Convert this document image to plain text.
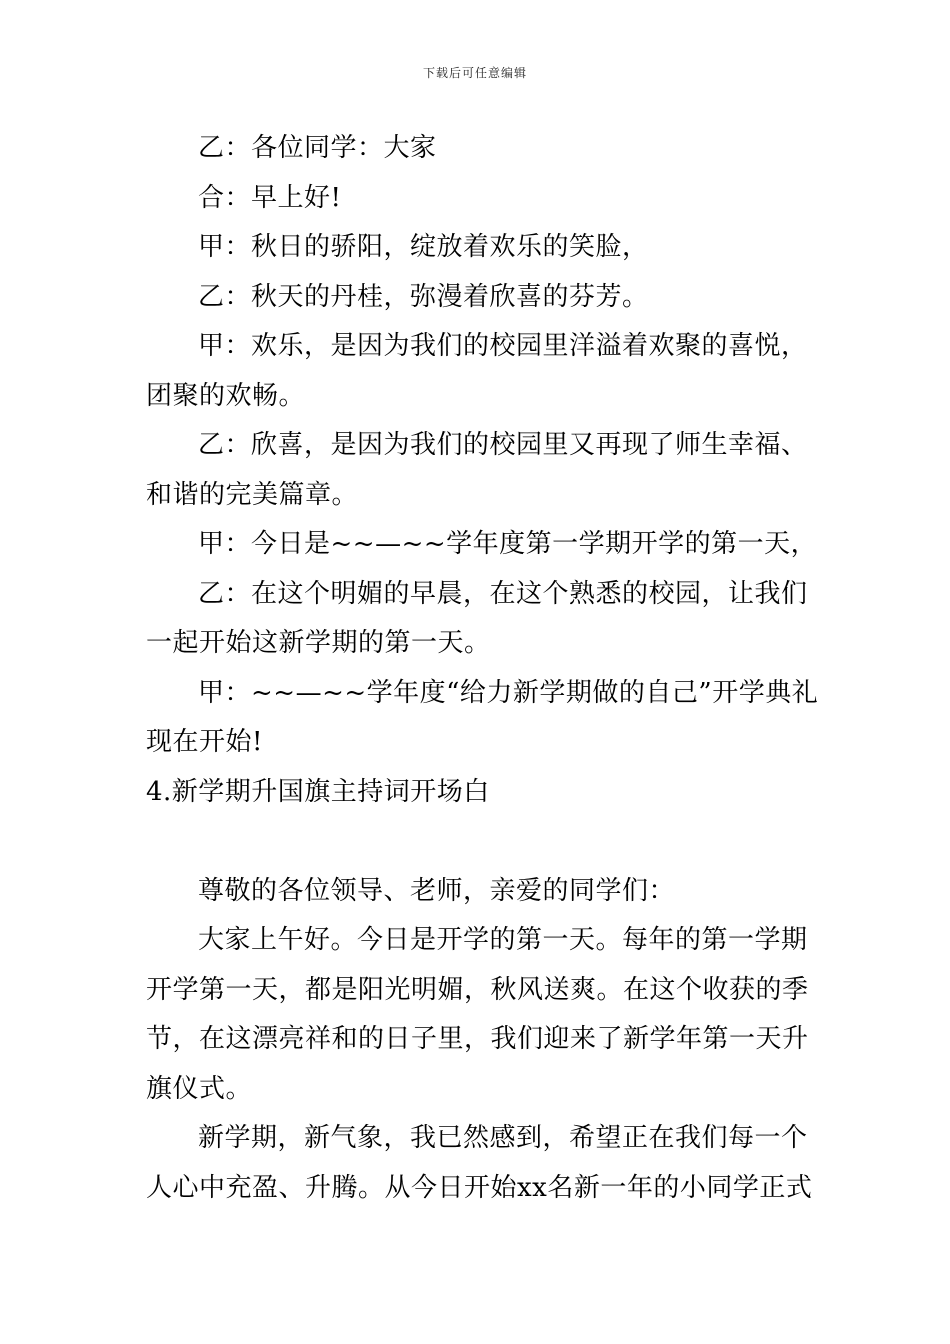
下载后可任意编辑

乙：各位同学：大家

合：早上好!

甲：秋日的骄阳，绽放着欢乐的笑脸，

乙：秋天的丹桂，弥漫着欣喜的芬芳。

甲：欢乐，是因为我们的校园里洋溢着欢聚的喜悦，

团聚的欢畅。

乙：欣喜，是因为我们的校园里又再现了师生幸福、

和谐的完美篇章。

甲：今日是~~—~~学年度第一学期开学的第一天，

乙：在这个明媚的早晨，在这个熟悉的校园，让我们

一起开始这新学期的第一天。

甲：~~—~~学年度“给力新学期做的自己”开学典礼

现在开始!

4.新学期升国旗主持词开场白

尊敬的各位领导、老师，亲爱的同学们：

大家上午好。今日是开学的第一天。每年的第一学期

开学第一天，都是阳光明媚，秋风送爽。在这个收获的季

节，在这漂亮祥和的日子里，我们迎来了新学年第一天升

旗仪式。

新学期，新气象，我已然感到，希望正在我们每一个

人心中充盈、升腾。从今日开始xx名新一年的小同学正式
